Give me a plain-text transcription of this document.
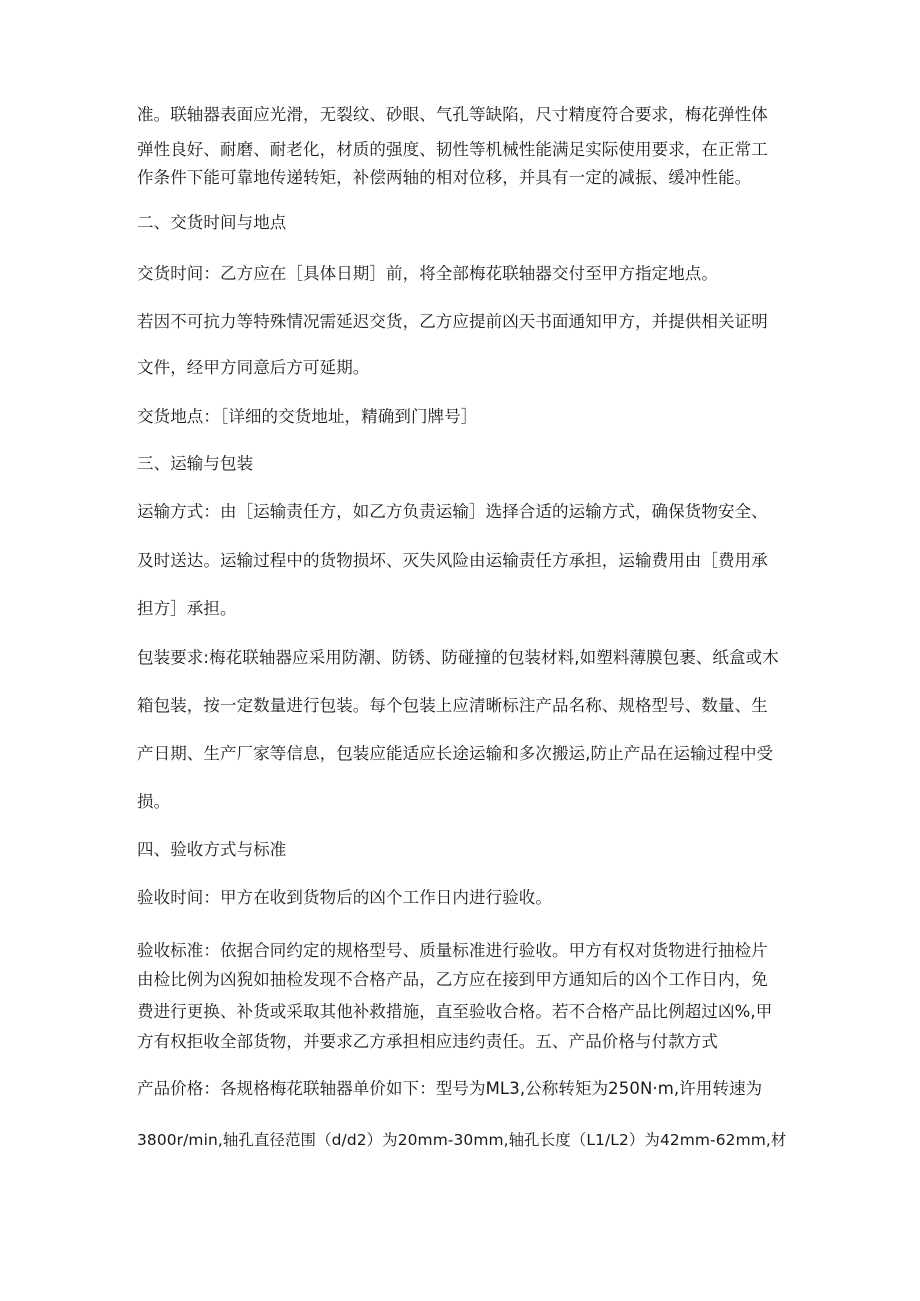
准。联轴器表面应光滑，无裂纹、砂眼、气孔等缺陷，尺寸精度符合要求，梅花弹性体

弹性良好、耐磨、耐老化，材质的强度、韧性等机械性能满足实际使用要求，在正常工

作条件下能可靠地传递转矩，补偿两轴的相对位移，并具有一定的减振、缓冲性能。

二、交货时间与地点

交货时间：乙方应在［具体日期］前，将全部梅花联轴器交付至甲方指定地点。

若因不可抗力等特殊情况需延迟交货，乙方应提前凶天书面通知甲方，并提供相关证明

文件，经甲方同意后方可延期。

交货地点：［详细的交货地址，精确到门牌号］

三、运输与包装

运输方式：由［运输责任方，如乙方负责运输］选择合适的运输方式，确保货物安全、

及时送达。运输过程中的货物损坏、灭失风险由运输责任方承担，运输费用由［费用承

担方］承担。

包装要求:梅花联轴器应采用防潮、防锈、防碰撞的包装材料,如塑料薄膜包裹、纸盒或木

箱包装，按一定数量进行包装。每个包装上应清晰标注产品名称、规格型号、数量、生

产日期、生产厂家等信息，包装应能适应长途运输和多次搬运,防止产品在运输过程中受

损。

四、验收方式与标准

验收时间：甲方在收到货物后的凶个工作日内进行验收。

验收标准：依据合同约定的规格型号、质量标准进行验收。甲方有权对货物进行抽检片

由检比例为凶猊如抽检发现不合格产品，乙方应在接到甲方通知后的凶个工作日内，免

费进行更换、补货或采取其他补救措施，直至验收合格。若不合格产品比例超过凶%,甲

方有权拒收全部货物，并要求乙方承担相应违约责任。五、产品价格与付款方式

产品价格：各规格梅花联轴器单价如下：型号为ML3,公称转矩为250N·m,许用转速为

3800r/min,轴孔直径范围（d/d2）为20mm-30mm,轴孔长度（L1/L2）为42mm-62mm,材
